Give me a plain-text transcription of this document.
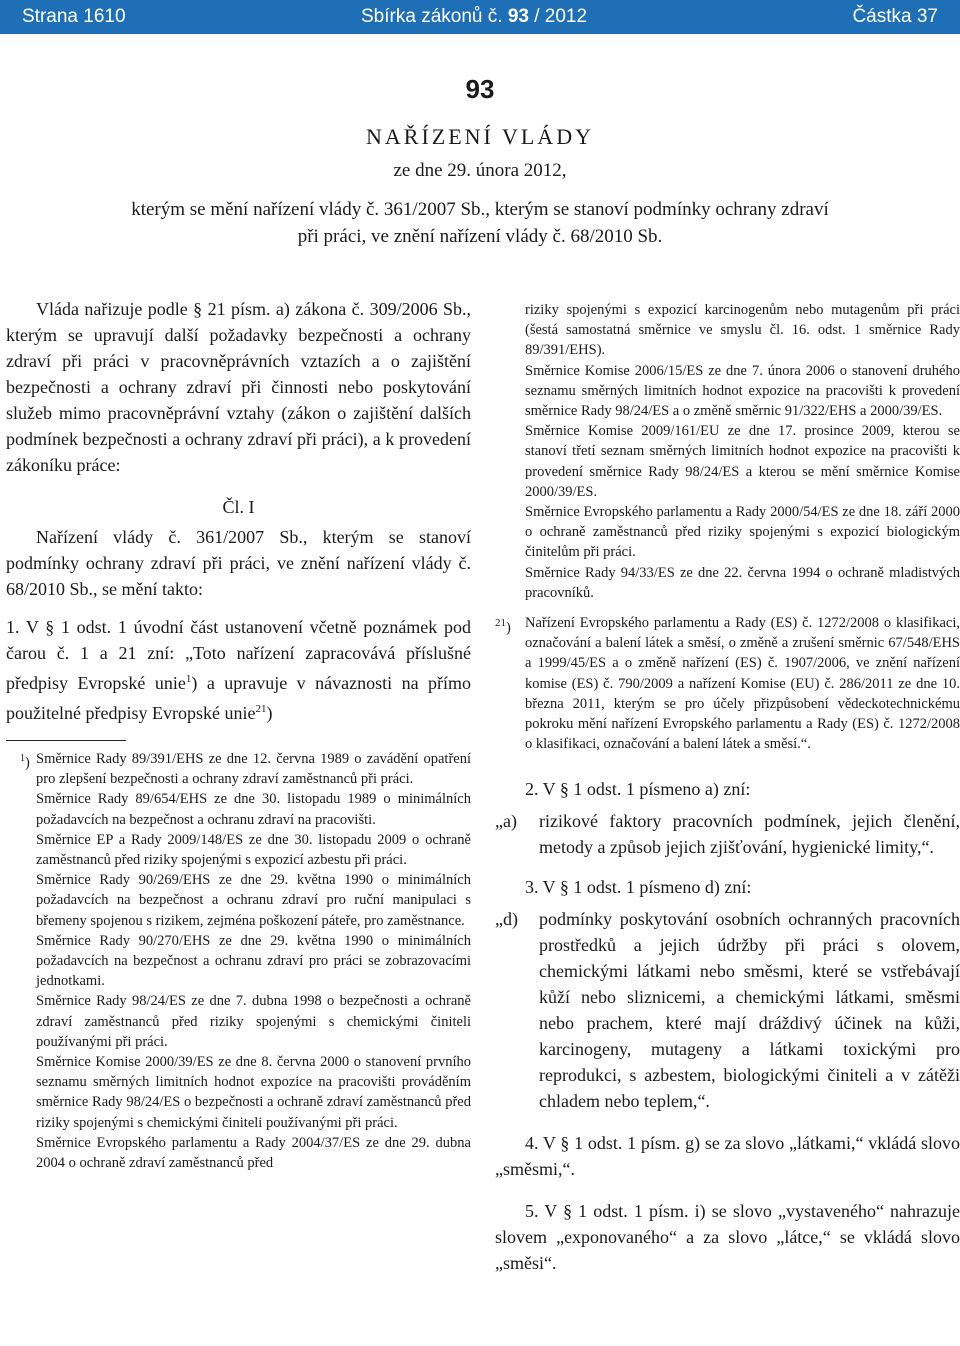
Strana 1610	Sbírka zákonů č. 93 / 2012	Částka 37
93
NAŘÍZENÍ VLÁDY
ze dne 29. února 2012,
kterým se mění nařízení vlády č. 361/2007 Sb., kterým se stanoví podmínky ochrany zdraví
při práci, ve znění nařízení vlády č. 68/2010 Sb.

Vláda nařizuje podle § 21 písm. a) zákona č. 309/2006 Sb., kterým se upravují další požadavky bezpečnosti a ochrany zdraví při práci v pracovněprávních vztazích a o zajištění bezpečnosti a ochrany zdraví při činnosti nebo poskytování služeb mimo pracovněprávní vztahy (zákon o zajištění dalších podmínek bezpečnosti a ochrany zdraví při práci), a k provedení zákoníku práce:

Čl. I

Nařízení vlády č. 361/2007 Sb., kterým se stanoví podmínky ochrany zdraví při práci, ve znění nařízení vlády č. 68/2010 Sb., se mění takto:

1. V § 1 odst. 1 úvodní část ustanovení včetně poznámek pod čarou č. 1 a 21 zní: „Toto nařízení zapracovává příslušné předpisy Evropské unie$^1$) a upravuje v návaznosti na přímo použitelné předpisy Evropské unie$^{21}$)

$^1$) Směrnice Rady 89/391/EHS ze dne 12. června 1989 o zavádění opatření pro zlepšení bezpečnosti a ochrany zdraví zaměstnanců při práci.

Směrnice Rady 89/654/EHS ze dne 30. listopadu 1989 o minimálních požadavcích na bezpečnost a ochranu zdraví na pracovišti.

Směrnice EP a Rady 2009/148/ES ze dne 30. listopadu 2009 o ochraně zaměstnanců před riziky spojenými s expozicí azbestu při práci.

Směrnice Rady 90/269/EHS ze dne 29. května 1990 o minimálních požadavcích na bezpečnost a ochranu zdraví pro ruční manipulaci s břemeny spojenou s rizikem, zejména poškození páteře, pro zaměstnance.

Směrnice Rady 90/270/EHS ze dne 29. května 1990 o minimálních požadavcích na bezpečnost a ochranu zdraví pro práci se zobrazovacími jednotkami.

Směrnice Rady 98/24/ES ze dne 7. dubna 1998 o bezpečnosti a ochraně zdraví zaměstnanců před riziky spojenými s chemickými činiteli používanými při práci.

Směrnice Komise 2000/39/ES ze dne 8. června 2000 o stanovení prvního seznamu směrných limitních hodnot expozice na pracovišti prováděním směrnice Rady 98/24/ES o bezpečnosti a ochraně zdraví zaměstnanců před riziky spojenými s chemickými činiteli používanými při práci.

Směrnice Evropského parlamentu a Rady 2004/37/ES ze dne 29. dubna 2004 o ochraně zdraví zaměstnanců před

riziky spojenými s expozicí karcinogenům nebo mutagenům při práci (šestá samostatná směrnice ve smyslu čl. 16. odst. 1 směrnice Rady 89/391/EHS).

Směrnice Komise 2006/15/ES ze dne 7. února 2006 o stanovení druhého seznamu směrných limitních hodnot expozice na pracovišti k provedení směrnice Rady 98/24/ES a o změně směrnic 91/322/EHS a 2000/39/ES.

Směrnice Komise 2009/161/EU ze dne 17. prosince 2009, kterou se stanoví třetí seznam směrných limitních hodnot expozice na pracovišti k provedení směrnice Rady 98/24/ES a kterou se mění směrnice Komise 2000/39/ES.

Směrnice Evropského parlamentu a Rady 2000/54/ES ze dne 18. září 2000 o ochraně zaměstnanců před riziky spojenými s expozicí biologickým činitelům při práci.

Směrnice Rady 94/33/ES ze dne 22. června 1994 o ochraně mladistvých pracovníků.

$^{21}$) Nařízení Evropského parlamentu a Rady (ES) č. 1272/2008 o klasifikaci, označování a balení látek a směsí, o změně a zrušení směrnic 67/548/EHS a 1999/45/ES a o změně nařízení (ES) č. 1907/2006, ve znění nařízení komise (ES) č. 790/2009 a nařízení Komise (EU) č. 286/2011 ze dne 10. března 2011, kterým se pro účely přizpůsobení vědeckotechnickému pokroku mění nařízení Evropského parlamentu a Rady (ES) č. 1272/2008 o klasifikaci, označování a balení látek a směsí.“.

2. V § 1 odst. 1 písmeno a) zní:

„a) rizikové faktory pracovních podmínek, jejich členění, metody a způsob jejich zjišťování, hygienické limity,“.

3. V § 1 odst. 1 písmeno d) zní:

„d) podmínky poskytování osobních ochranných pracovních prostředků a jejich údržby při práci s olovem, chemickými látkami nebo směsmi, které se vstřebávají kůží nebo sliznicemi, a chemickými látkami, směsmi nebo prachem, které mají dráždivý účinek na kůži, karcinogeny, mutageny a látkami toxickými pro reprodukci, s azbestem, biologickými činiteli a v zátěži chladem nebo teplem,“.

4. V § 1 odst. 1 písm. g) se za slovo „látkami,“ vkládá slovo „směsmi,“.

5. V § 1 odst. 1 písm. i) se slovo „vystaveného“ nahrazuje slovem „exponovaného“ a za slovo „látce,“ se vkládá slovo „směsi“.
